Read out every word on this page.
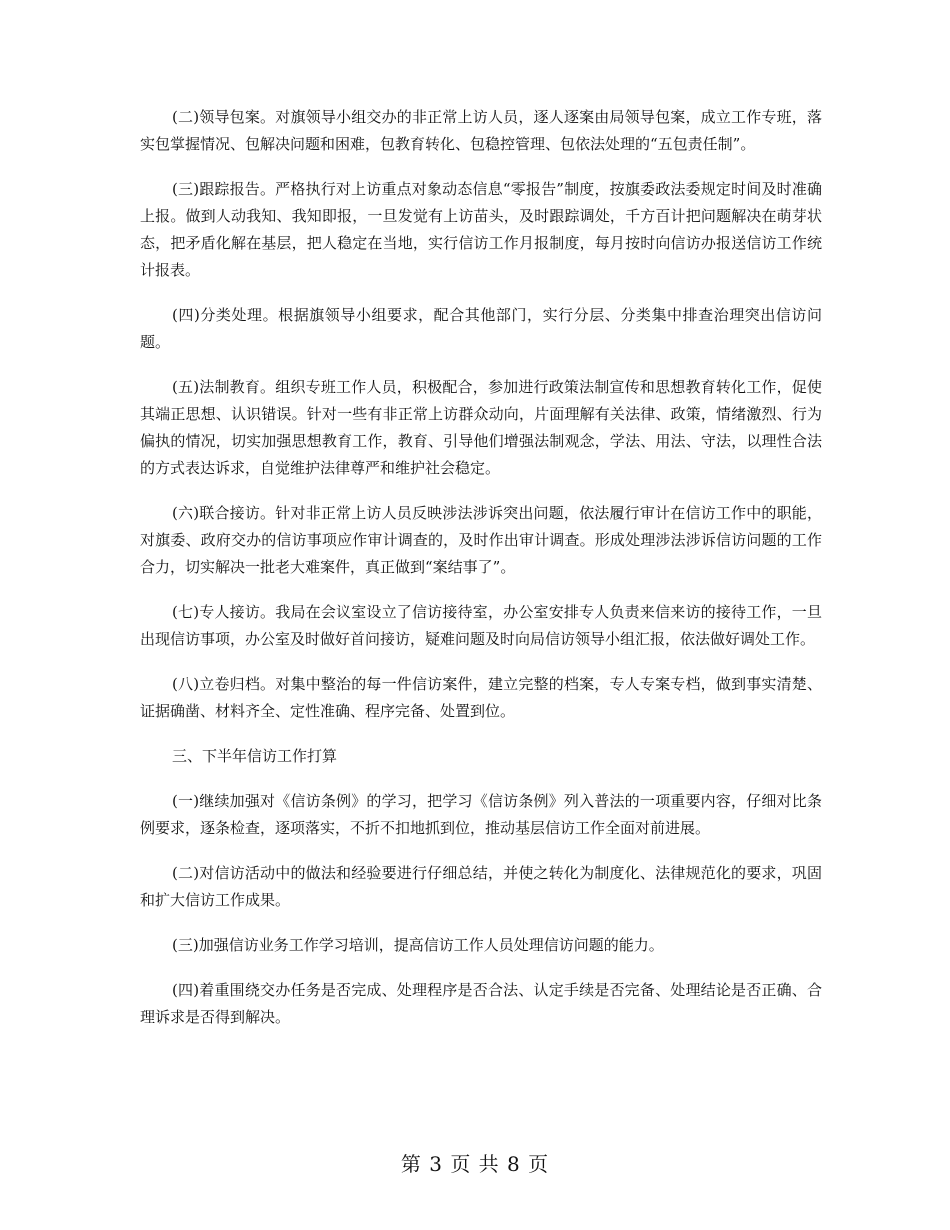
(二)领导包案。对旗领导小组交办的非正常上访人员，逐人逐案由局领导包案，成立工作专班，落实包掌握情况、包解决问题和困难，包教育转化、包稳控管理、包依法处理的“五包责任制”。

(三)跟踪报告。严格执行对上访重点对象动态信息“零报告”制度，按旗委政法委规定时间及时准确上报。做到人动我知、我知即报，一旦发觉有上访苗头，及时跟踪调处，千方百计把问题解决在萌芽状态，把矛盾化解在基层，把人稳定在当地，实行信访工作月报制度，每月按时向信访办报送信访工作统计报表。

(四)分类处理。根据旗领导小组要求，配合其他部门，实行分层、分类集中排查治理突出信访问题。

(五)法制教育。组织专班工作人员，积极配合，参加进行政策法制宣传和思想教育转化工作，促使其端正思想、认识错误。针对一些有非正常上访群众动向，片面理解有关法律、政策，情绪激烈、行为偏执的情况，切实加强思想教育工作，教育、引导他们增强法制观念，学法、用法、守法，以理性合法的方式表达诉求，自觉维护法律尊严和维护社会稳定。

(六)联合接访。针对非正常上访人员反映涉法涉诉突出问题，依法履行审计在信访工作中的职能，对旗委、政府交办的信访事项应作审计调查的，及时作出审计调查。形成处理涉法涉诉信访问题的工作合力，切实解决一批老大难案件，真正做到“案结事了”。

(七)专人接访。我局在会议室设立了信访接待室，办公室安排专人负责来信来访的接待工作，一旦出现信访事项，办公室及时做好首问接访，疑难问题及时向局信访领导小组汇报，依法做好调处工作。

(八)立卷归档。对集中整治的每一件信访案件，建立完整的档案，专人专案专档，做到事实清楚、证据确凿、材料齐全、定性准确、程序完备、处置到位。

三、下半年信访工作打算

(一)继续加强对《信访条例》的学习，把学习《信访条例》列入普法的一项重要内容，仔细对比条例要求，逐条检查，逐项落实，不折不扣地抓到位，推动基层信访工作全面对前进展。

(二)对信访活动中的做法和经验要进行仔细总结，并使之转化为制度化、法律规范化的要求，巩固和扩大信访工作成果。

(三)加强信访业务工作学习培训，提高信访工作人员处理信访问题的能力。

(四)着重围绕交办任务是否完成、处理程序是否合法、认定手续是否完备、处理结论是否正确、合理诉求是否得到解决。

第 3 页 共 8 页
